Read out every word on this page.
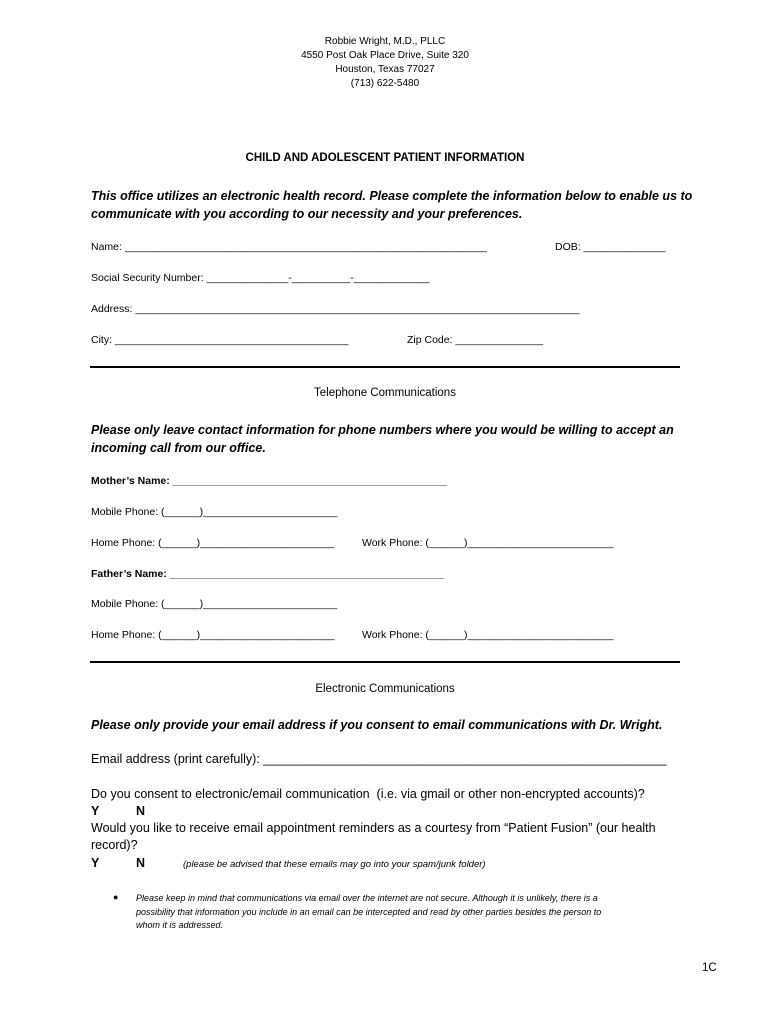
Robbie Wright, M.D., PLLC
4550 Post Oak Place Drive, Suite 320
Houston, Texas 77027
(713) 622-5480
CHILD AND ADOLESCENT PATIENT INFORMATION
This office utilizes an electronic health record. Please complete the information below to enable us to
communicate with you according to our necessity and your preferences.
Name: ______________________________________________________________	DOB: ______________
Social Security Number: ______________-__________-_____________
Address: ____________________________________________________________________________
City: ________________________________________	Zip Code: _______________
Telephone Communications
Please only leave contact information for phone numbers where you would be willing to accept an
incoming call from our office.
Mother’s Name: _______________________________________________
Mobile Phone: (______)_______________________
Home Phone: (______)_______________________	Work Phone: (______)_________________________
Father’s Name: _______________________________________________
Mobile Phone: (______)_______________________
Home Phone: (______)_______________________	Work Phone: (______)_________________________
Electronic Communications
Please only provide your email address if you consent to email communications with Dr. Wright.
Email address (print carefully): __________________________________________________________
Do you consent to electronic/email communication  (i.e. via gmail or other non-encrypted accounts)?
Y	N
Would you like to receive email appointment reminders as a courtesy from “Patient Fusion” (our health
record)?
Y	N	(please be advised that these emails may go into your spam/junk folder)
● Please keep in mind that communications via email over the internet are not secure. Although it is unlikely, there is a
possibility that information you include in an email can be intercepted and read by other parties besides the person to
whom it is addressed.
1C
